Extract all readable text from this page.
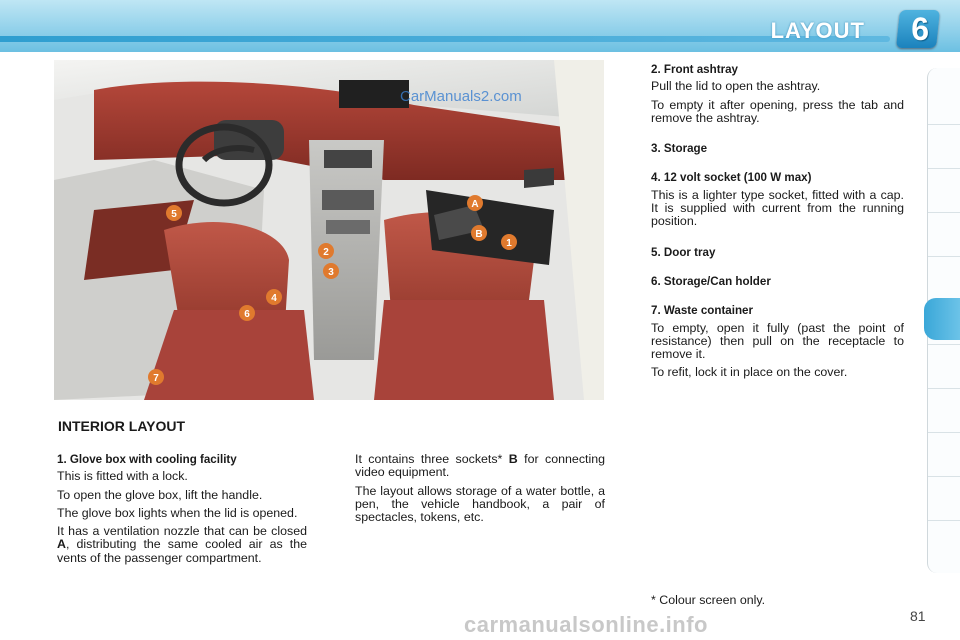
LAYOUT 6
5
A
B
1
2
3
4
6
7
CarManuals2.com
INTERIOR LAYOUT
1. Glove box with cooling facility

This is fitted with a lock.

To open the glove box, lift the handle.

The glove box lights when the lid is opened.

It has a ventilation nozzle that can be closed A, distributing the same cooled air as the vents of the passenger compartment.

It contains three sockets* B for connecting video equipment.

The layout allows storage of a water bottle, a pen, the vehicle handbook, a pair of spectacles, tokens, etc.

2. Front ashtray

Pull the lid to open the ashtray.

To empty it after opening, press the tab and remove the ashtray.

3. Storage
4. 12 volt socket (100 W max)

This is a lighter type socket, fitted with a cap. It is supplied with current from the running position.

5. Door tray
6. Storage/Can holder
7. Waste container

To empty, open it fully (past the point of resistance) then pull on the receptacle to remove it.

To refit, lock it in place on the cover.

* Colour screen only.
carmanualsonline.info	81
